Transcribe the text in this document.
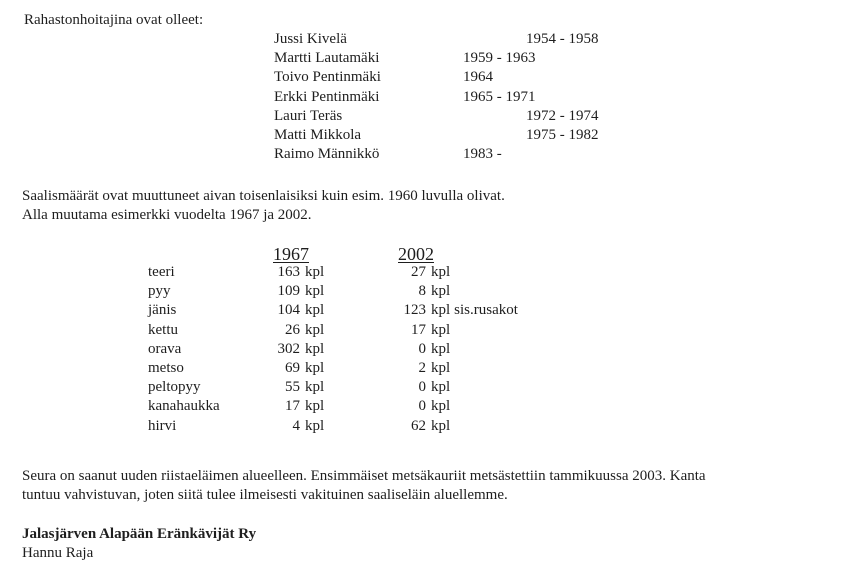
Rahastonhoitajina ovat olleet:
Jussi Kivelä	1954 - 1958
Martti Lautamäki	1959 - 1963
Toivo Pentinmäki	1964
Erkki Pentinmäki	1965 - 1971
Lauri Teräs	1972 - 1974
Matti Mikkola	1975 - 1982
Raimo Männikkö	1983 -
Saalismäärät ovat muuttuneet aivan toisenlaisiksi kuin esim. 1960 luvulla olivat.
Alla muutama esimerkki vuodelta 1967 ja 2002.
1967	2002
teeri	163 kpl	27 kpl
pyy	109 kpl	8 kpl
jänis	104 kpl	123 kpl sis.rusakot
kettu	26 kpl	17 kpl
orava	302 kpl	0 kpl
metso	69 kpl	2 kpl
peltopyy	55 kpl	0 kpl
kanahaukka	17 kpl	0 kpl
hirvi	4 kpl	62 kpl
Seura on saanut uuden riistaeläimen alueelleen. Ensimmäiset metsäkauriit metsästettiin tammikuussa 2003. Kanta
tuntuu vahvistuvan, joten siitä tulee ilmeisesti vakituinen saaliseläin aluellemme.
Jalasjärven Alapään Eränkävijät Ry
Hannu Raja
